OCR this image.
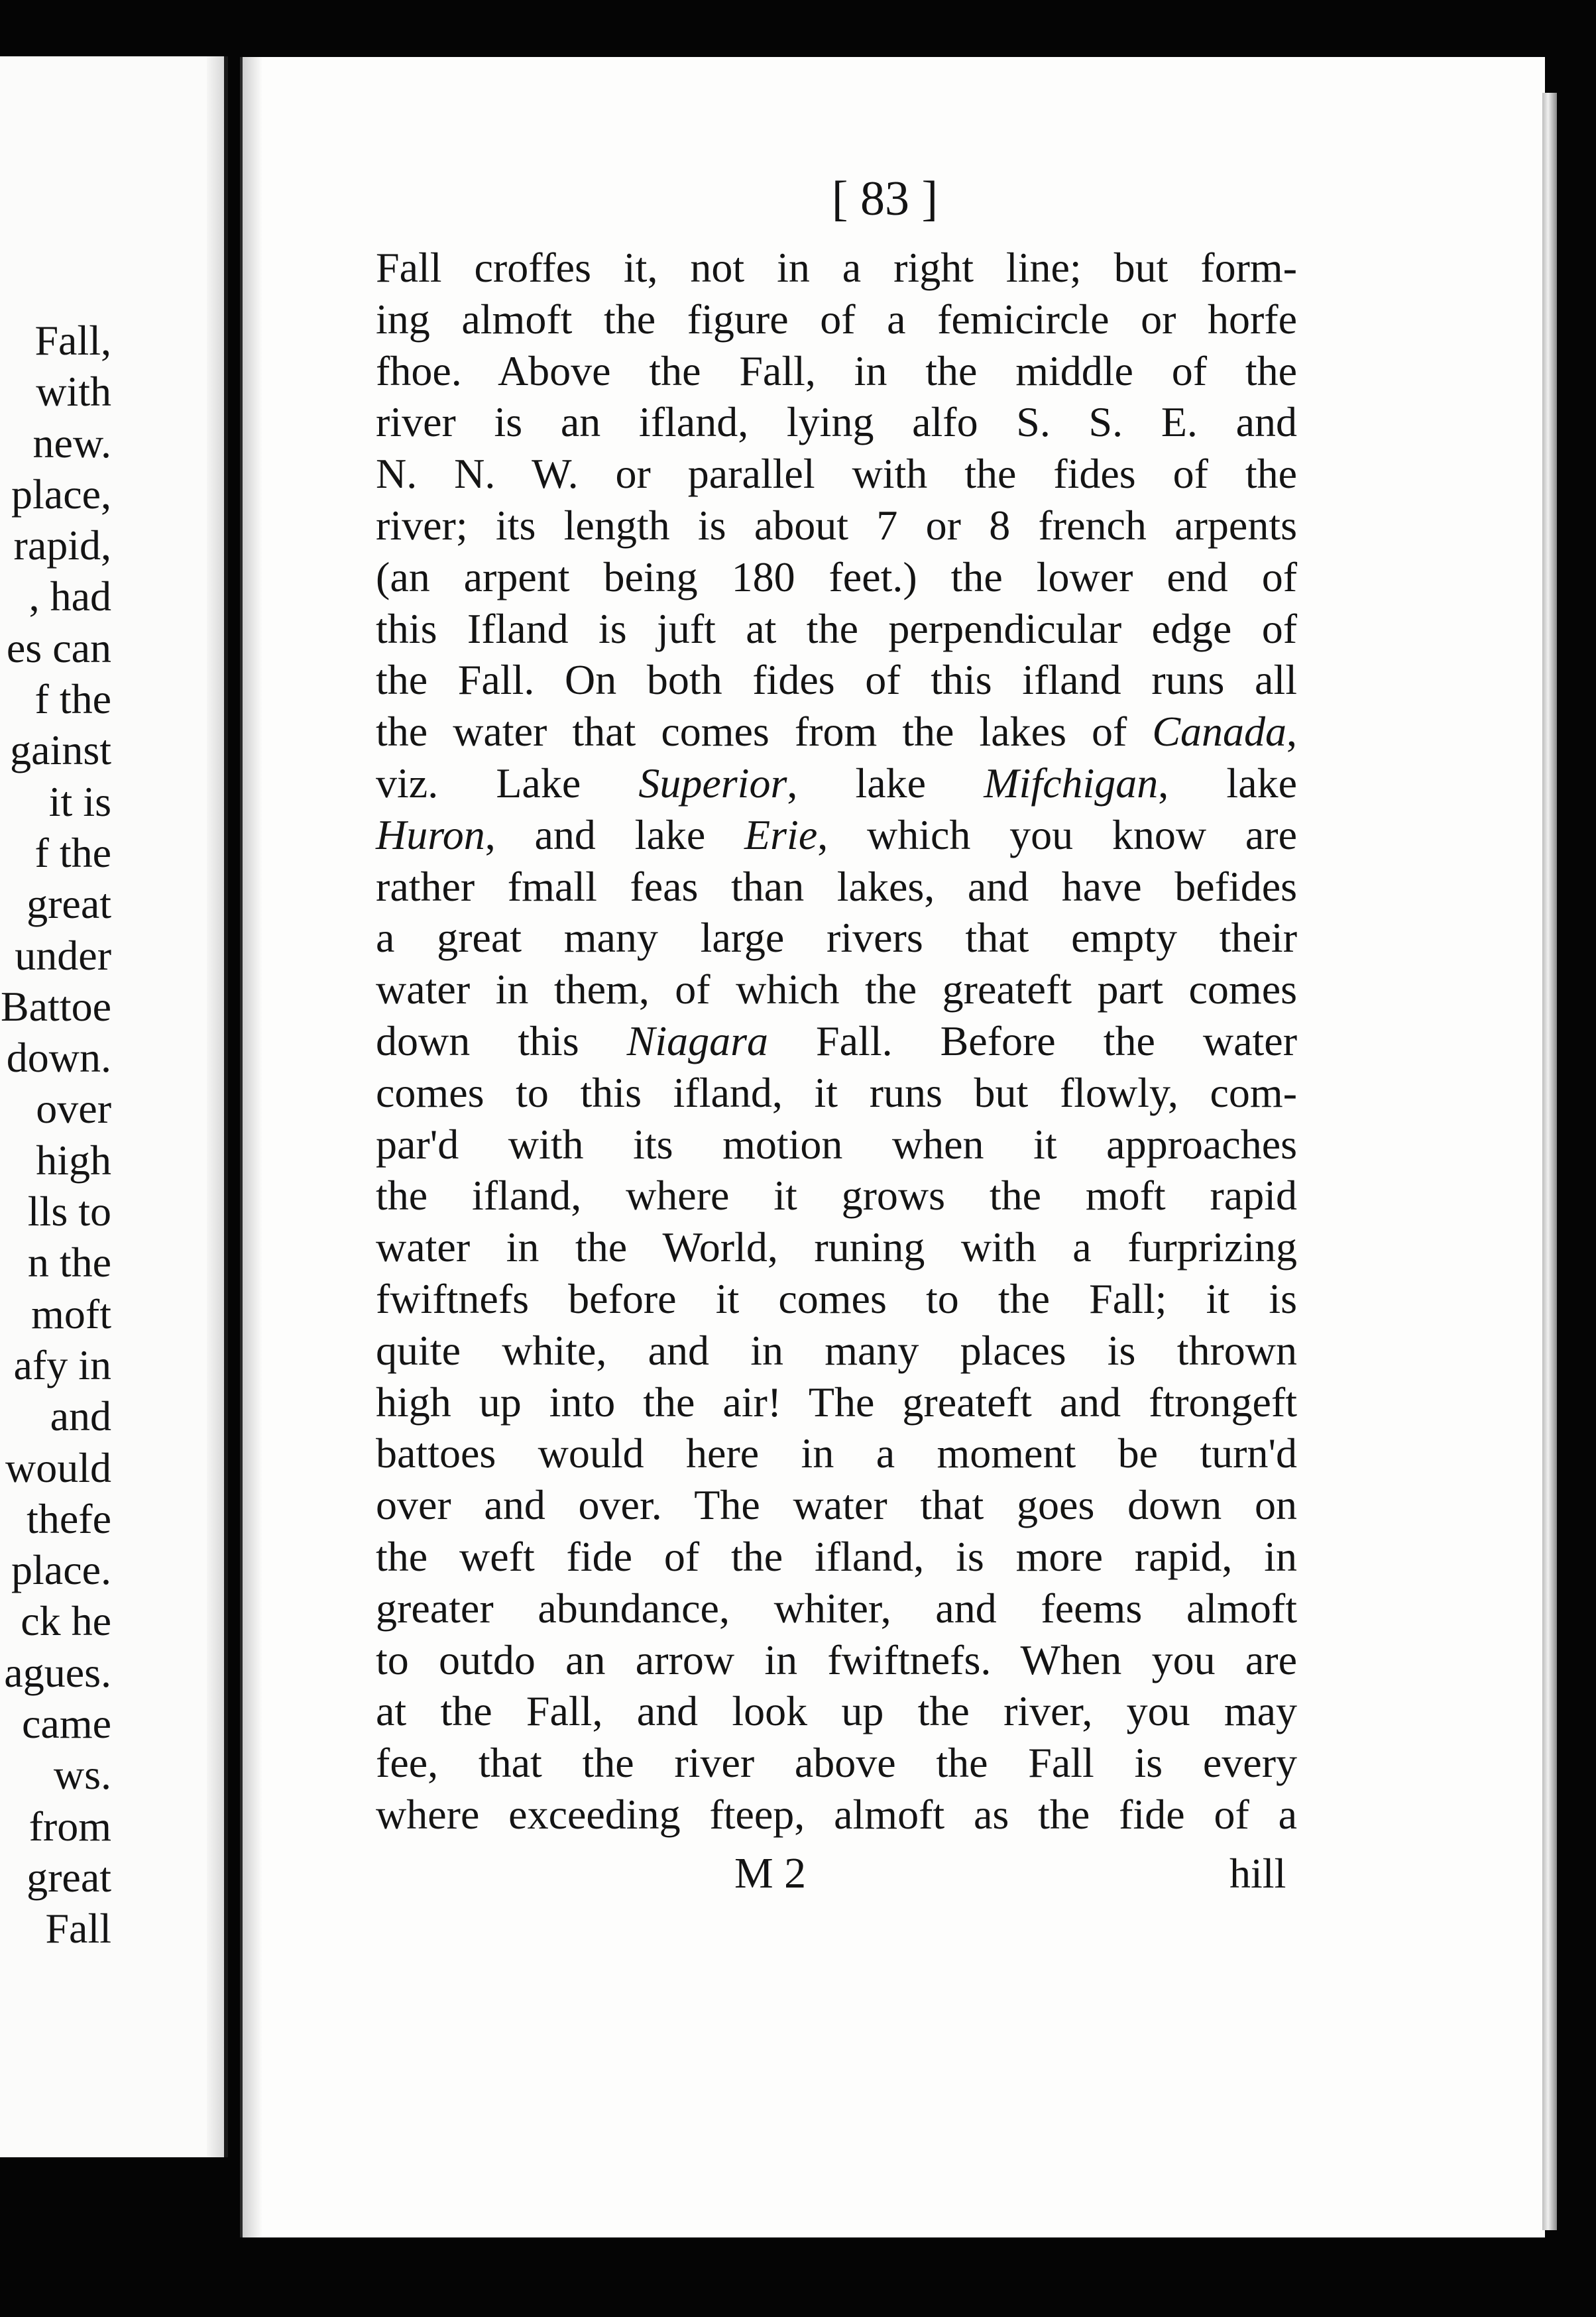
Fall,
with
new.
place,
rapid,
, had
es can
f the
gainst
it is
f the
great
under
Battoe
down.
over
high
lls to
n the
moft
afy in
and
would
thefe
place.
ck he
agues.
came
ws.
from
great
Fall
[ 83 ]
Fall croffes it, not in a right line; but form-
ing almoft the figure of a femicircle or horfe
fhoe. Above the Fall, in the middle of the
river is an ifland, lying alfo S. S. E. and
N. N. W. or parallel with the fides of the
river; its length is about 7 or 8 french arpents
(an arpent being 180 feet.) the lower end of
this Ifland is juft at the perpendicular edge of
the Fall. On both fides of this ifland runs all
the water that comes from the lakes of Canada,
viz. Lake Superior, lake Mifchigan, lake
Huron, and lake Erie, which you know are
rather fmall feas than lakes, and have befides
a great many large rivers that empty their
water in them, of which the greateft part comes
down this Niagara Fall. Before the water
comes to this ifland, it runs but flowly, com-
par'd with its motion when it approaches
the ifland, where it grows the moft rapid
water in the World, runing with a furprizing
fwiftnefs before it comes to the Fall; it is
quite white, and in many places is thrown
high up into the air! The greateft and ftrongeft
battoes would here in a moment be turn'd
over and over. The water that goes down on
the weft fide of the ifland, is more rapid, in
greater abundance, whiter, and feems almoft
to outdo an arrow in fwiftnefs. When you are
at the Fall, and look up the river, you may
fee, that the river above the Fall is every
where exceeding fteep, almoft as the fide of a
M 2	hill
